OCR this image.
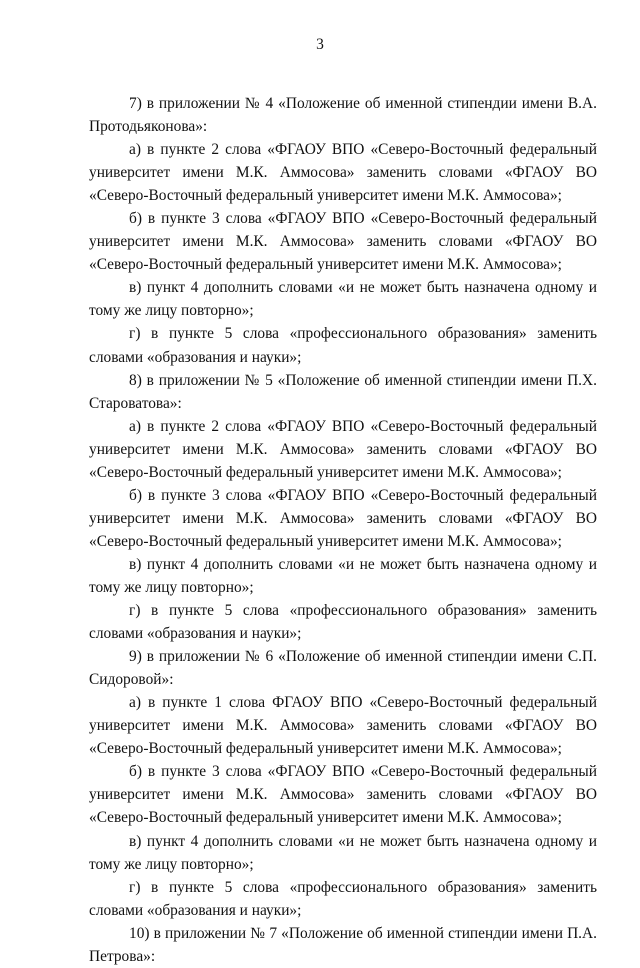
3

7) в приложении № 4 «Положение об именной стипендии имени В.А. Протодьяконова»:

а) в пункте 2 слова «ФГАОУ ВПО «Северо-Восточный федеральный университет имени М.К. Аммосова» заменить словами «ФГАОУ ВО «Северо-Восточный федеральный университет имени М.К. Аммосова»;

б) в пункте 3 слова «ФГАОУ ВПО «Северо-Восточный федеральный университет имени М.К. Аммосова» заменить словами «ФГАОУ ВО «Северо-Восточный федеральный университет имени М.К. Аммосова»;

в) пункт 4 дополнить словами «и не может быть назначена одному и тому же лицу повторно»;

г) в пункте 5 слова «профессионального образования» заменить словами «образования и науки»;

8) в приложении № 5 «Положение об именной стипендии имени П.Х. Староватова»:

а) в пункте 2 слова «ФГАОУ ВПО «Северо-Восточный федеральный университет имени М.К. Аммосова» заменить словами «ФГАОУ ВО «Северо-Восточный федеральный университет имени М.К. Аммосова»;

б) в пункте 3 слова «ФГАОУ ВПО «Северо-Восточный федеральный университет имени М.К. Аммосова» заменить словами «ФГАОУ ВО «Северо-Восточный федеральный университет имени М.К. Аммосова»;

в) пункт 4 дополнить словами «и не может быть назначена одному и тому же лицу повторно»;

г) в пункте 5 слова «профессионального образования» заменить словами «образования и науки»;

9) в приложении № 6 «Положение об именной стипендии имени С.П. Сидоровой»:

а) в пункте 1 слова ФГАОУ ВПО «Северо-Восточный федеральный университет имени М.К. Аммосова» заменить словами «ФГАОУ ВО «Северо-Восточный федеральный университет имени М.К. Аммосова»;

б) в пункте 3 слова «ФГАОУ ВПО «Северо-Восточный федеральный университет имени М.К. Аммосова» заменить словами «ФГАОУ ВО «Северо-Восточный федеральный университет имени М.К. Аммосова»;

в) пункт 4 дополнить словами «и не может быть назначена одному и тому же лицу повторно»;

г) в пункте 5 слова «профессионального образования» заменить словами «образования и науки»;

10) в приложении № 7 «Положение об именной стипендии имени П.А. Петрова»:
